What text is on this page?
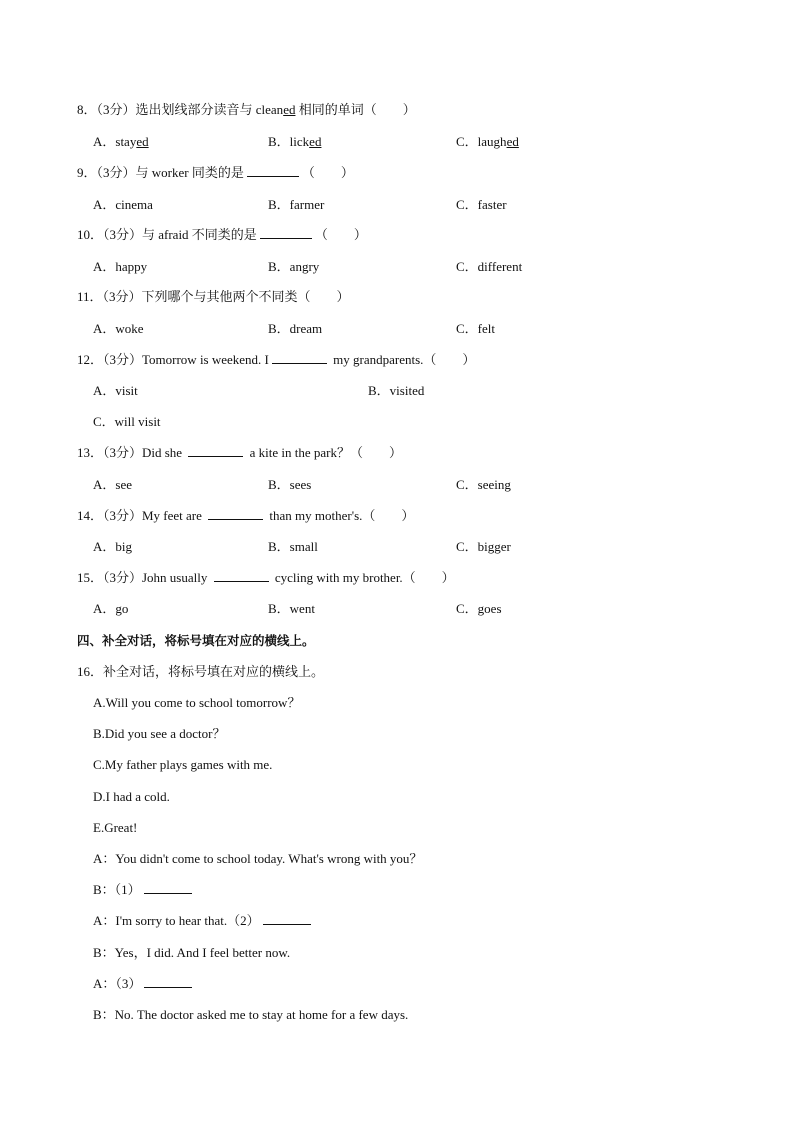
8．（3分）选出划线部分读音与 cleaned 相同的单词（　　）
A．stayed	B．licked	C．laughed
9．（3分）与 worker 同类的是	（　　）
A．cinema	B．farmer	C．faster
10．（3分）与 afraid 不同类的是	（　　）
A．happy	B．angry	C．different
11．（3分）下列哪个与其他两个不同类（　　）
A．woke	B．dream	C．felt
12．（3分）Tomorrow is weekend. I	my grandparents.（　　）
A．visit	B．visited
C．will visit
13．（3分）Did she	a kite in the park？（　　）
A．see	B．sees	C．seeing
14．（3分）My feet are	than my mother's.（　　）
A．big	B．small	C．bigger
15．（3分）John usually	cycling with my brother.（　　）
A．go	B．went	C．goes
四、补全对话，将标号填在对应的横线上。
16．补全对话，将标号填在对应的横线上。
A.Will you come to school tomorrow？
B.Did you see a doctor？
C.My father plays games with me.
D.I had a cold.
E.Great!
A：You didn't come to school today. What's wrong with you？
B：（1）
A：I'm sorry to hear that.（2）
B：Yes，I did. And I feel better now.
A：（3）
B：No. The doctor asked me to stay at home for a few days.
